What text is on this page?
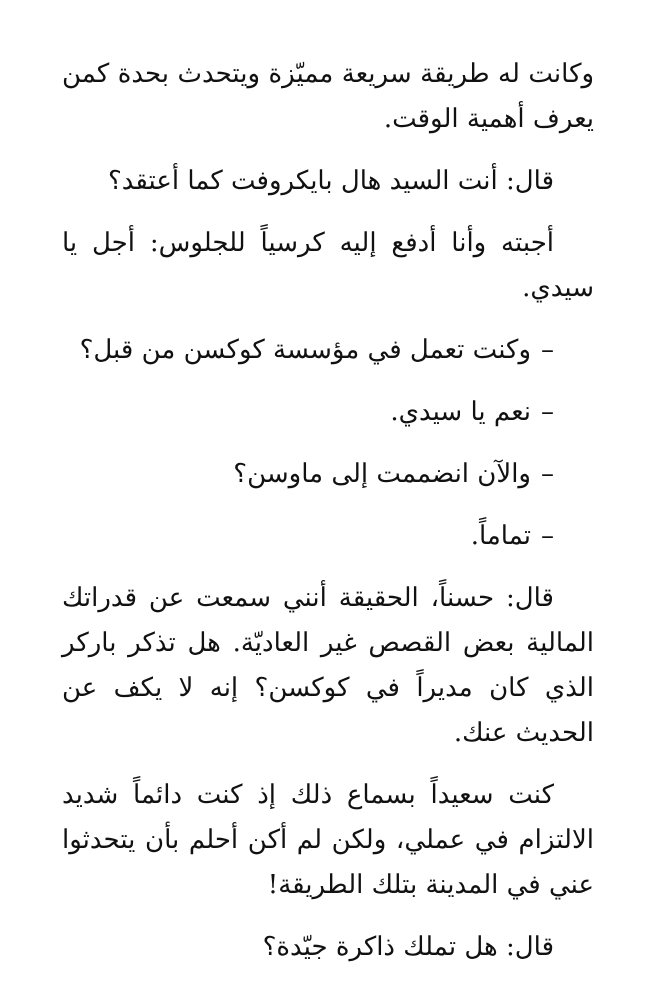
وكانت له طريقة سريعة مميّزة ويتحدث بحدة كمن يعرف أهمية الوقت.

قال: أنت السيد هال بايكروفت كما أعتقد؟

أجبته وأنا أدفع إليه كرسياً للجلوس: أجل يا سيدي.

–وكنت تعمل في مؤسسة كوكسن من قبل؟

–نعم يا سيدي.

–والآن انضممت إلى ماوسن؟

–تماماً.

قال: حسناً، الحقيقة أنني سمعت عن قدراتك المالية بعض القصص غير العاديّة. هل تذكر باركر الذي كان مديراً في كوكسن؟ إنه لا يكف عن الحديث عنك.

كنت سعيداً بسماع ذلك إذ كنت دائماً شديد الالتزام في عملي، ولكن لم أكن أحلم بأن يتحدثوا عني في المدينة بتلك الطريقة!

قال: هل تملك ذاكرة جيّدة؟
